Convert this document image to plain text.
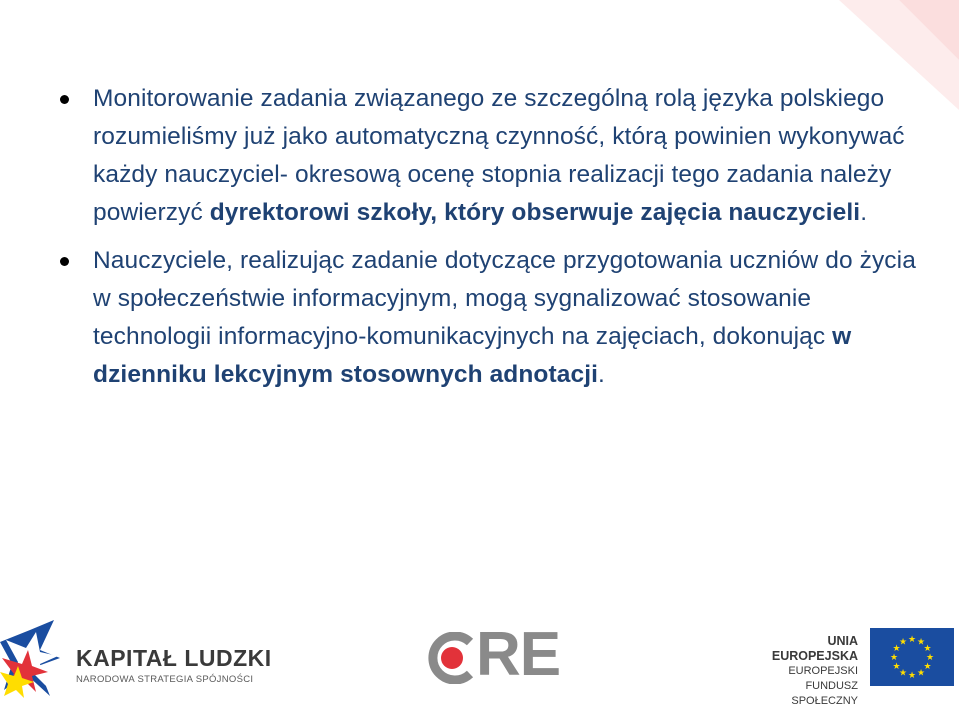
Monitorowanie zadania związanego ze szczególną rolą języka polskiego rozumieliśmy już jako automatyczną czynność, którą powinien wykonywać każdy nauczyciel- okresową ocenę stopnia realizacji tego zadania należy powierzyć dyrektorowi szkoły, który obserwuje zajęcia nauczycieli.
Nauczyciele, realizując zadanie dotyczące przygotowania uczniów do życia w społeczeństwie informacyjnym, mogą sygnalizować stosowanie technologii informacyjno-komunikacyjnych na zajęciach, dokonując w dzienniku lekcyjnym stosownych adnotacji.
KAPITAŁ LUDZKI
NARODOWA STRATEGIA SPÓJNOŚCI	RE	UNIA EUROPEJSKA
EUROPEJSKI
FUNDUSZ SPOŁECZNY
★ ★
★
★
★
★
★
★
★
★
★
★
